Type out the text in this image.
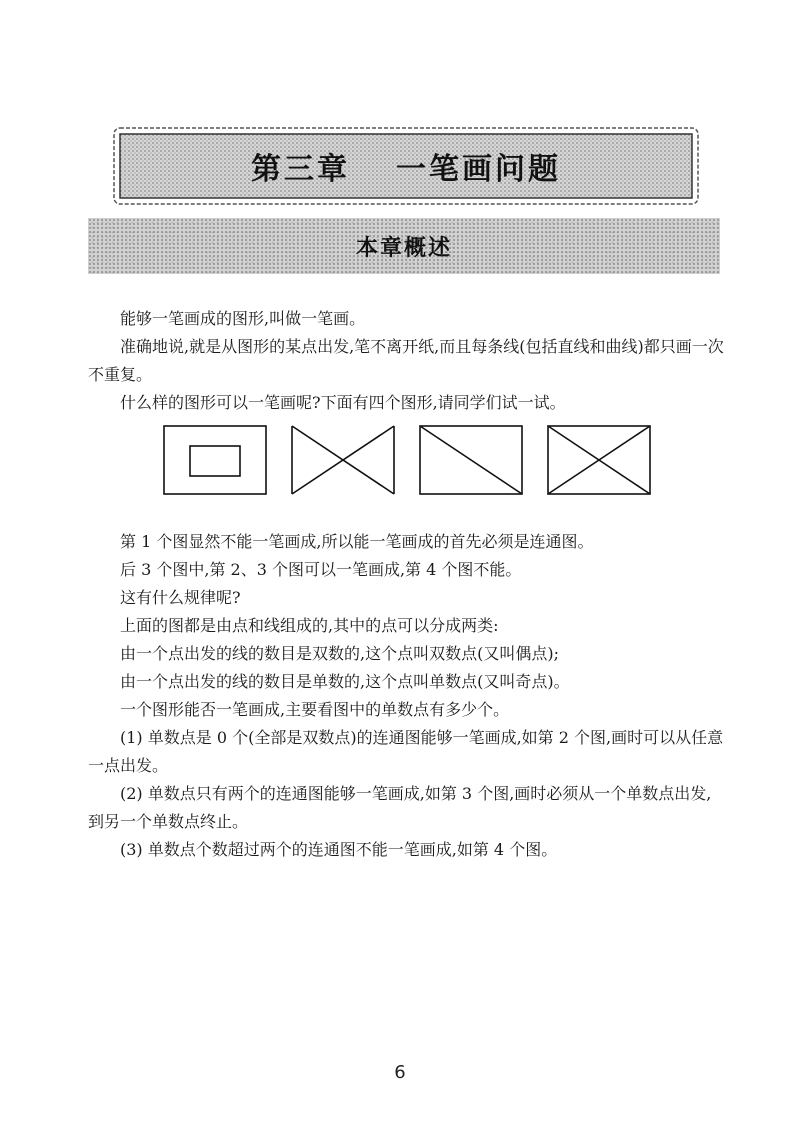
第三章 一笔画问题
本章概述

能够一笔画成的图形,叫做一笔画。

准确地说,就是从图形的某点出发,笔不离开纸,而且每条线(包括直线和曲线)都只画一次不重复。

什么样的图形可以一笔画呢?下面有四个图形,请同学们试一试。

第 1 个图显然不能一笔画成,所以能一笔画成的首先必须是连通图。

后 3 个图中,第 2、3 个图可以一笔画成,第 4 个图不能。

这有什么规律呢?

上面的图都是由点和线组成的,其中的点可以分成两类:

由一个点出发的线的数目是双数的,这个点叫双数点(又叫偶点);

由一个点出发的线的数目是单数的,这个点叫单数点(又叫奇点)。

一个图形能否一笔画成,主要看图中的单数点有多少个。

(1) 单数点是 0 个(全部是双数点)的连通图能够一笔画成,如第 2 个图,画时可以从任意一点出发。

(2) 单数点只有两个的连通图能够一笔画成,如第 3 个图,画时必须从一个单数点出发,到另一个单数点终止。

(3) 单数点个数超过两个的连通图不能一笔画成,如第 4 个图。

6
